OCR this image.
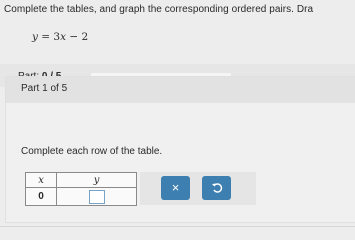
Complete the tables, and graph the corresponding ordered pairs. Dra
y = 3x − 2
Part 1 of 5
Complete each row of the table.
x	y
0	
×
